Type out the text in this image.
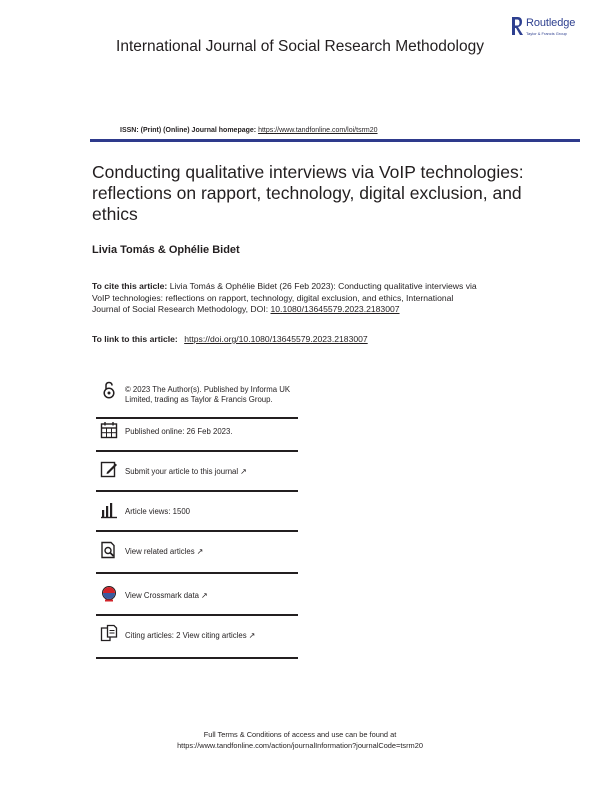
Routledge
Taylor & Francis Group
International Journal of Social Research Methodology
ISSN: (Print) (Online) Journal homepage: https://www.tandfonline.com/loi/tsrm20
Conducting qualitative interviews via VoIP technologies: reflections on rapport, technology, digital exclusion, and ethics
Livia Tomás & Ophélie Bidet
To cite this article: Livia Tomás & Ophélie Bidet (26 Feb 2023): Conducting qualitative interviews via VoIP technologies: reflections on rapport, technology, digital exclusion, and ethics, International Journal of Social Research Methodology, DOI: 10.1080/13645579.2023.2183007
To link to this article: https://doi.org/10.1080/13645579.2023.2183007
© 2023 The Author(s). Published by Informa UK Limited, trading as Taylor & Francis Group.
Published online: 26 Feb 2023.
Submit your article to this journal ↗
Article views: 1500
View related articles ↗
View Crossmark data ↗
Citing articles: 2 View citing articles ↗
Full Terms & Conditions of access and use can be found at
https://www.tandfonline.com/action/journalInformation?journalCode=tsrm20
